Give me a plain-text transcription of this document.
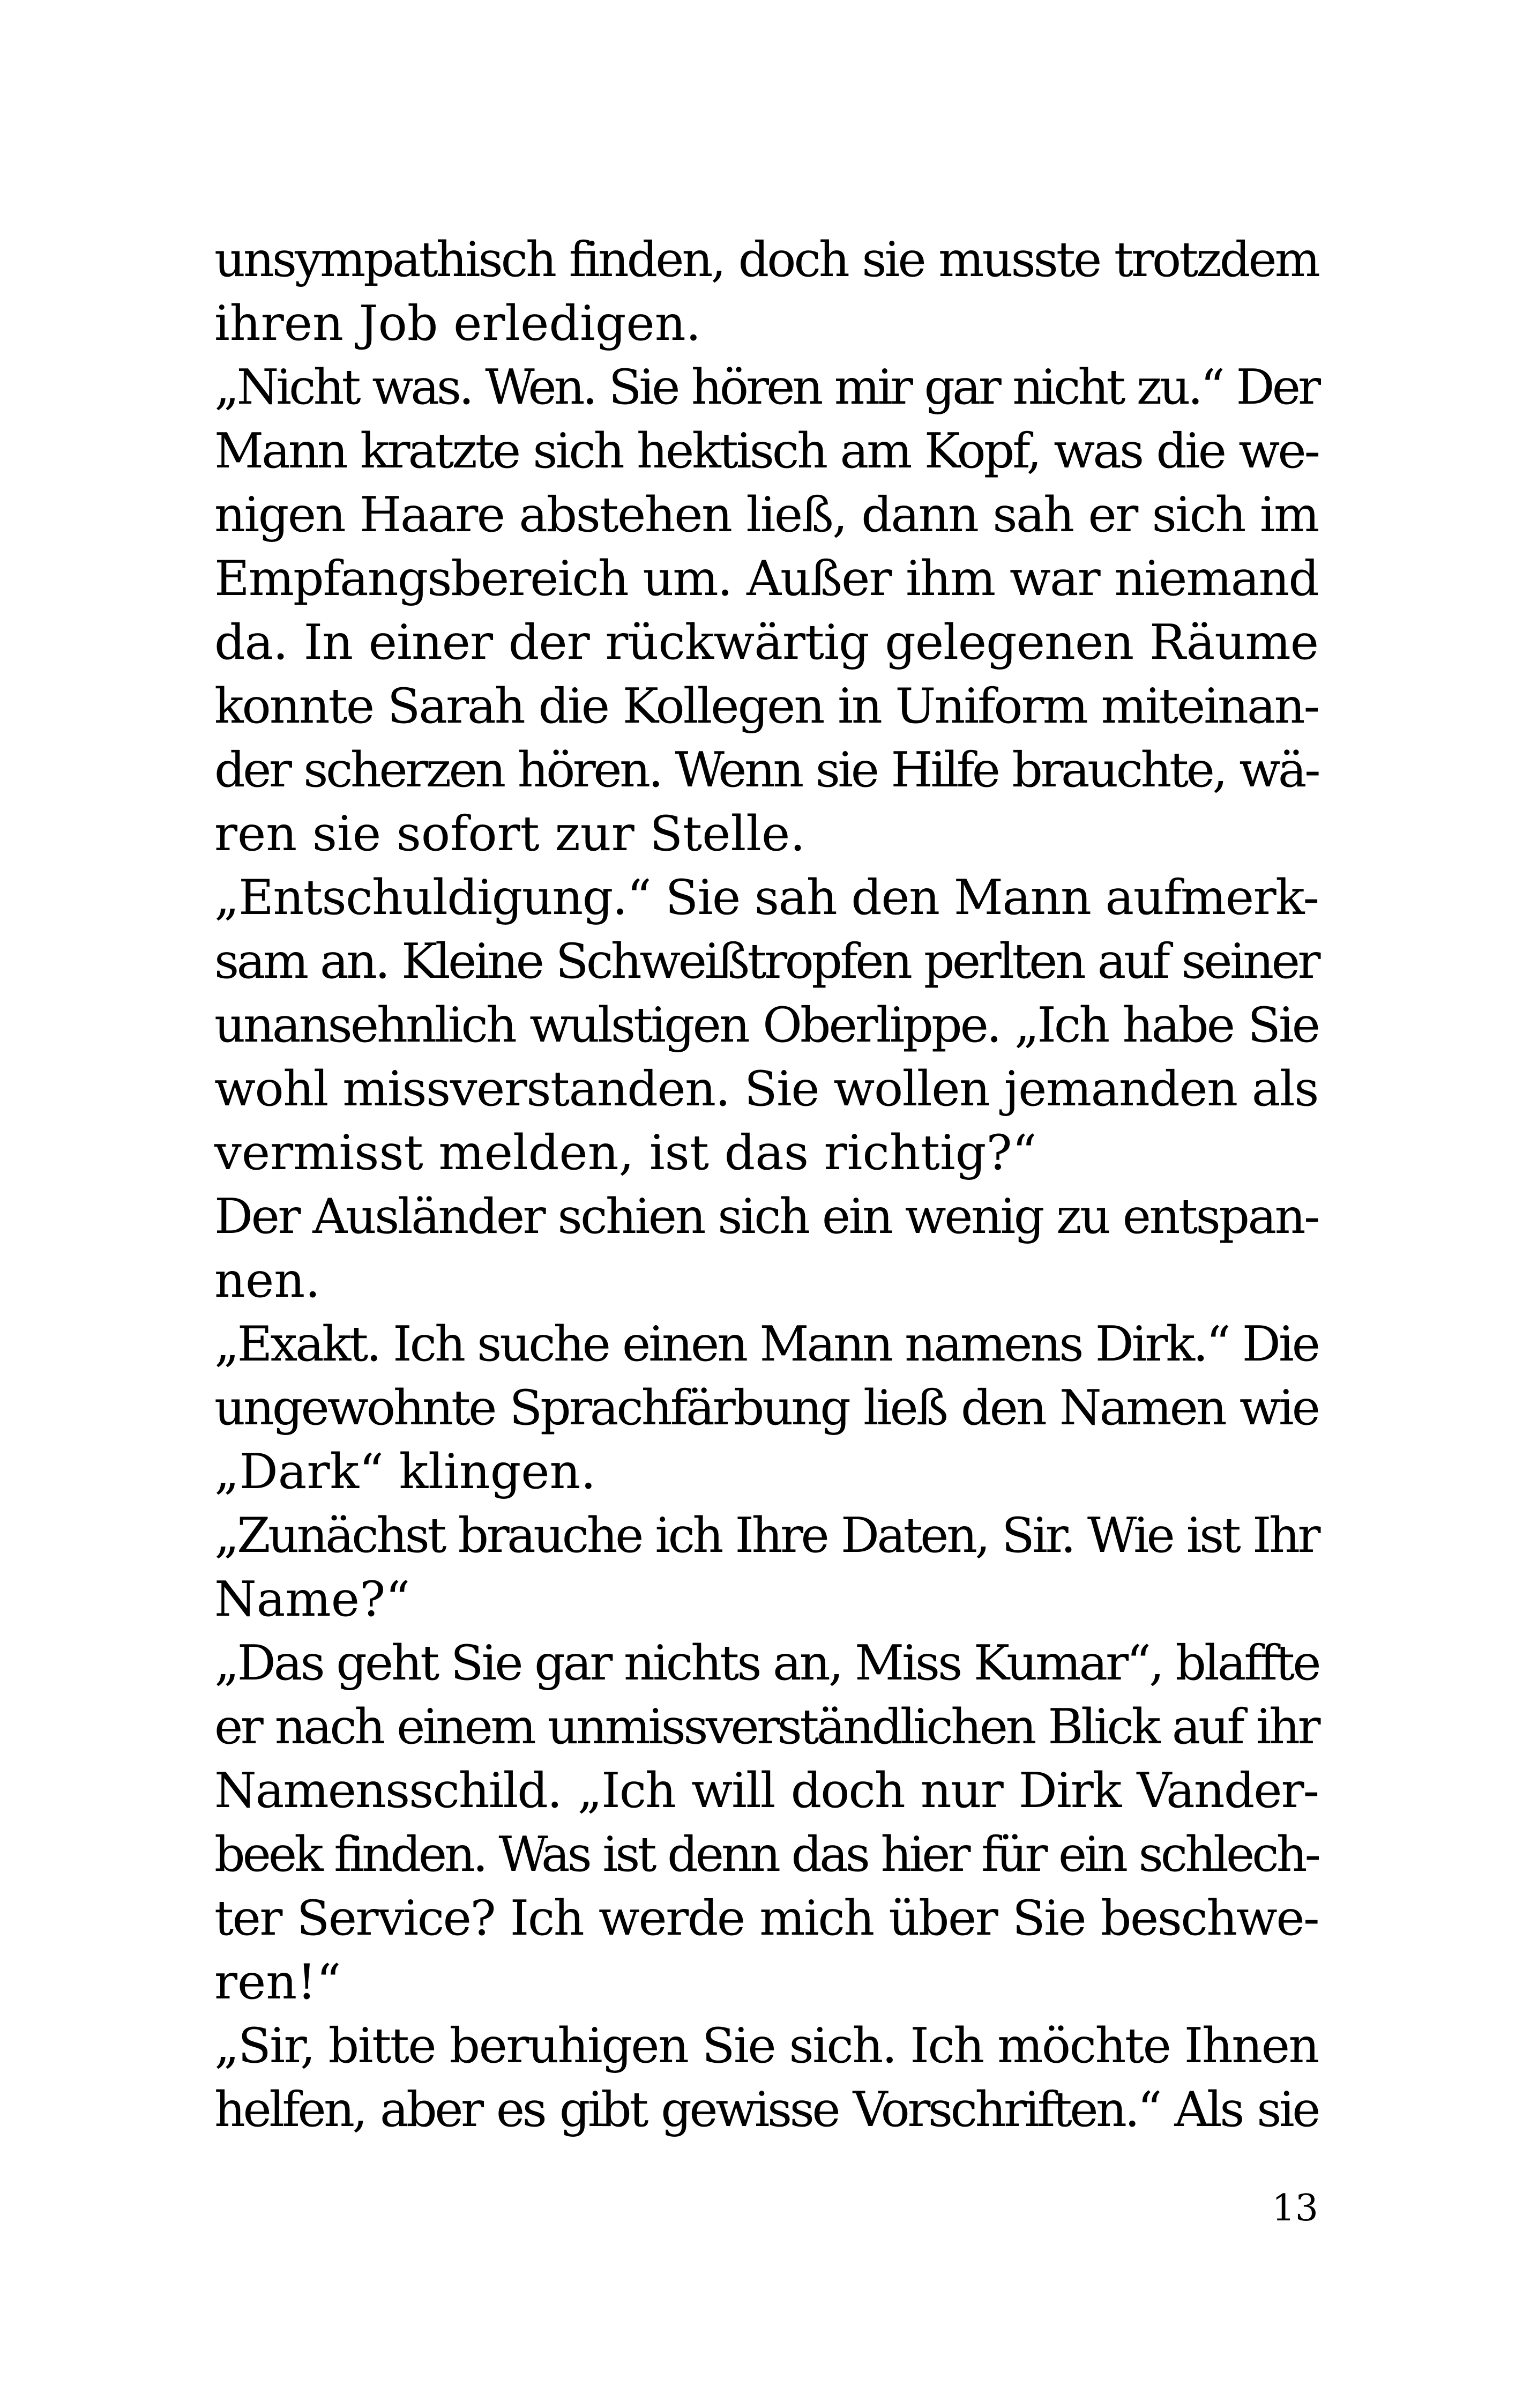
unsympathisch finden, doch sie musste trotzdem
ihren Job erledigen.
„Nicht was. Wen. Sie hören mir gar nicht zu.“ Der
Mann kratzte sich hektisch am Kopf, was die we-
nigen Haare abstehen ließ, dann sah er sich im
Empfangsbereich um. Außer ihm war niemand
da. In einer der rückwärtig gelegenen Räume
konnte Sarah die Kollegen in Uniform miteinan-
der scherzen hören. Wenn sie Hilfe brauchte, wä-
ren sie sofort zur Stelle.
„Entschuldigung.“ Sie sah den Mann aufmerk-
sam an. Kleine Schweißtropfen perlten auf seiner
unansehnlich wulstigen Oberlippe. „Ich habe Sie
wohl missverstanden. Sie wollen jemanden als
vermisst melden, ist das richtig?“
Der Ausländer schien sich ein wenig zu entspan-
nen.
„Exakt. Ich suche einen Mann namens Dirk.“ Die
ungewohnte Sprachfärbung ließ den Namen wie
„Dark“ klingen.
„Zunächst brauche ich Ihre Daten, Sir. Wie ist Ihr
Name?“
„Das geht Sie gar nichts an, Miss Kumar“, blaffte
er nach einem unmissverständlichen Blick auf ihr
Namensschild. „Ich will doch nur Dirk Vander-
beek finden. Was ist denn das hier für ein schlech-
ter Service? Ich werde mich über Sie beschwe-
ren!“
„Sir, bitte beruhigen Sie sich. Ich möchte Ihnen
helfen, aber es gibt gewisse Vorschriften.“ Als sie
13
